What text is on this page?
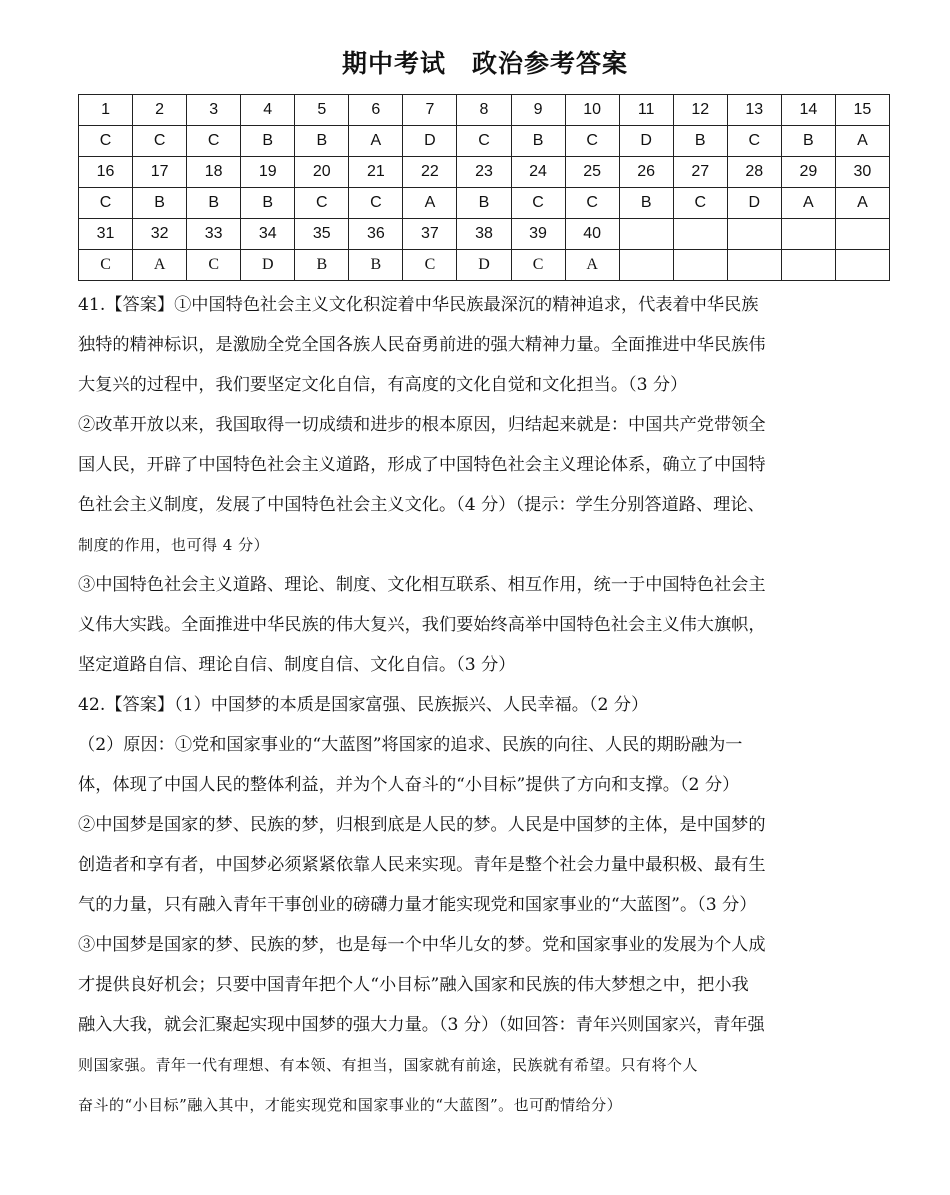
期中考试　政治参考答案
1	2	3	4	5	6	7	8	9	10	11	12	13	14	15
C	C	C	B	B	A	D	C	B	C	D	B	C	B	A
16	17	18	19	20	21	22	23	24	25	26	27	28	29	30
C	B	B	B	C	C	A	B	C	C	B	C	D	A	A
31	32	33	34	35	36	37	38	39	40					
C	A	C	D	B	B	C	D	C	A					

41.【答案】①中国特色社会主义文化积淀着中华民族最深沉的精神追求，代表着中华民族

独特的精神标识，是激励全党全国各族人民奋勇前进的强大精神力量。全面推进中华民族伟

大复兴的过程中，我们要坚定文化自信，有高度的文化自觉和文化担当。（3 分）

②改革开放以来，我国取得一切成绩和进步的根本原因，归结起来就是：中国共产党带领全

国人民，开辟了中国特色社会主义道路，形成了中国特色社会主义理论体系，确立了中国特

色社会主义制度，发展了中国特色社会主义文化。（4 分）（提示：学生分别答道路、理论、

制度的作用，也可得 4 分）

③中国特色社会主义道路、理论、制度、文化相互联系、相互作用，统一于中国特色社会主

义伟大实践。全面推进中华民族的伟大复兴，我们要始终高举中国特色社会主义伟大旗帜，

坚定道路自信、理论自信、制度自信、文化自信。（3 分）

42.【答案】（1）中国梦的本质是国家富强、民族振兴、人民幸福。（2 分）

（2）原因：①党和国家事业的“大蓝图”将国家的追求、民族的向往、人民的期盼融为一

体，体现了中国人民的整体利益，并为个人奋斗的“小目标”提供了方向和支撑。（2 分）

②中国梦是国家的梦、民族的梦，归根到底是人民的梦。人民是中国梦的主体，是中国梦的

创造者和享有者，中国梦必须紧紧依靠人民来实现。青年是整个社会力量中最积极、最有生

气的力量，只有融入青年干事创业的磅礴力量才能实现党和国家事业的“大蓝图”。（3 分）

③中国梦是国家的梦、民族的梦，也是每一个中华儿女的梦。党和国家事业的发展为个人成

才提供良好机会；只要中国青年把个人“小目标”融入国家和民族的伟大梦想之中，把小我

融入大我，就会汇聚起实现中国梦的强大力量。（3 分）（如回答：青年兴则国家兴，青年强

则国家强。青年一代有理想、有本领、有担当，国家就有前途，民族就有希望。只有将个人

奋斗的“小目标”融入其中，才能实现党和国家事业的“大蓝图”。也可酌情给分）
